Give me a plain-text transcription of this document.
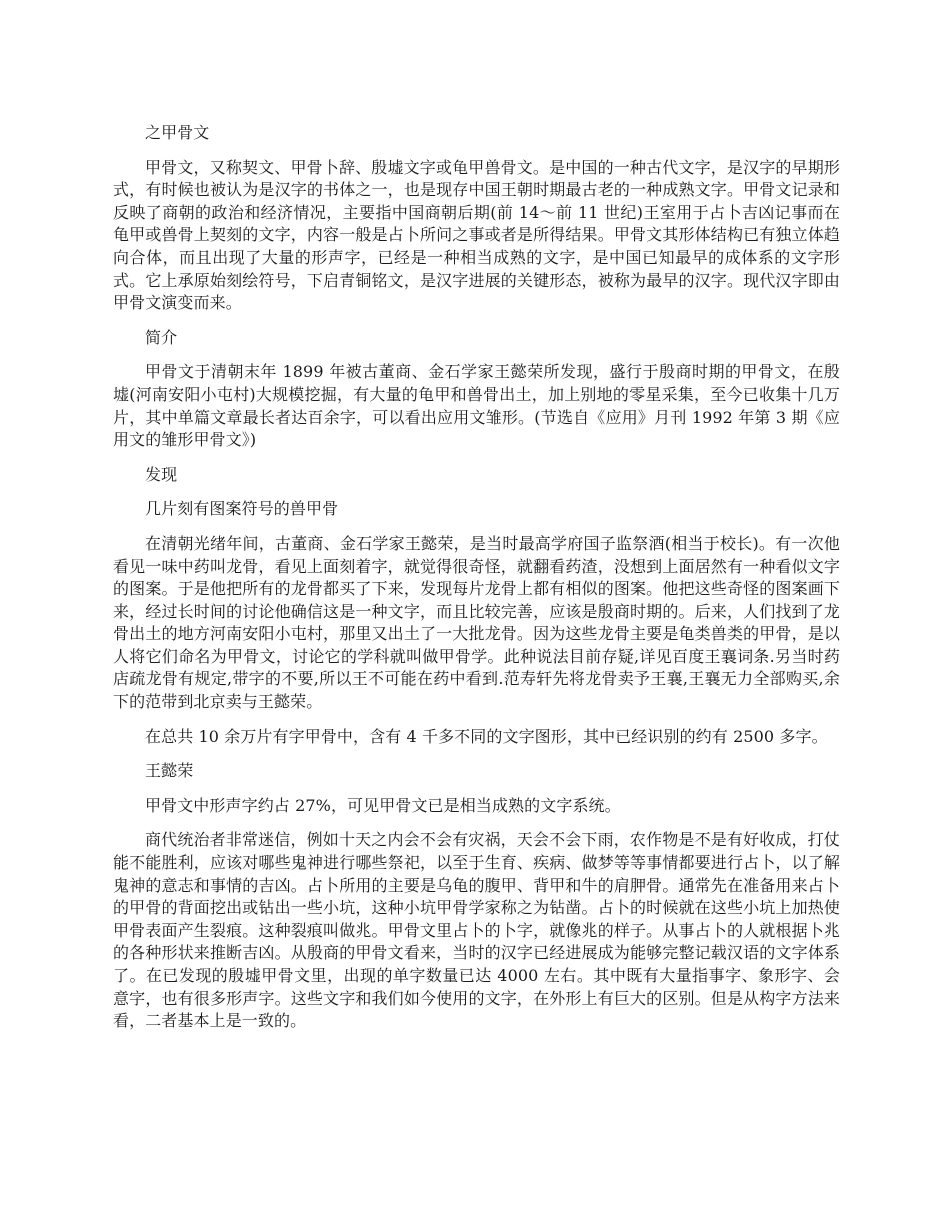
之甲骨文

甲骨文，又称契文、甲骨卜辞、殷墟文字或龟甲兽骨文。是中国的一种古代文字，是汉字的早期形式，有时候也被认为是汉字的书体之一，也是现存中国王朝时期最古老的一种成熟文字。甲骨文记录和反映了商朝的政治和经济情况，主要指中国商朝后期(前 14～前 11 世纪)王室用于占卜吉凶记事而在龟甲或兽骨上契刻的文字，内容一般是占卜所问之事或者是所得结果。甲骨文其形体结构已有独立体趋向合体，而且出现了大量的形声字，已经是一种相当成熟的文字，是中国已知最早的成体系的文字形式。它上承原始刻绘符号，下启青铜铭文，是汉字进展的关键形态，被称为最早的汉字。现代汉字即由甲骨文演变而来。

简介

甲骨文于清朝末年 1899 年被古董商、金石学家王懿荣所发现，盛行于殷商时期的甲骨文，在殷墟(河南安阳小屯村)大规模挖掘，有大量的龟甲和兽骨出土，加上别地的零星采集，至今已收集十几万片，其中单篇文章最长者达百余字，可以看出应用文雏形。(节选自《应用》月刊 1992 年第 3 期《应用文的雏形甲骨文》)

发现

几片刻有图案符号的兽甲骨

在清朝光绪年间，古董商、金石学家王懿荣，是当时最高学府国子监祭酒(相当于校长)。有一次他看见一味中药叫龙骨，看见上面刻着字，就觉得很奇怪，就翻看药渣，没想到上面居然有一种看似文字的图案。于是他把所有的龙骨都买了下来，发现每片龙骨上都有相似的图案。他把这些奇怪的图案画下来，经过长时间的讨论他确信这是一种文字，而且比较完善，应该是殷商时期的。后来，人们找到了龙骨出土的地方河南安阳小屯村，那里又出土了一大批龙骨。因为这些龙骨主要是龟类兽类的甲骨，是以人将它们命名为甲骨文，讨论它的学科就叫做甲骨学。此种说法目前存疑,详见百度王襄词条.另当时药店疏龙骨有规定,带字的不要,所以王不可能在药中看到.范寿轩先将龙骨卖予王襄,王襄无力全部购买,余下的范带到北京卖与王懿荣。

在总共 10 余万片有字甲骨中，含有 4 千多不同的文字图形，其中已经识别的约有 2500 多字。

王懿荣

甲骨文中形声字约占 27%，可见甲骨文已是相当成熟的文字系统。

商代统治者非常迷信，例如十天之内会不会有灾祸，天会不会下雨，农作物是不是有好收成，打仗能不能胜利，应该对哪些鬼神进行哪些祭祀，以至于生育、疾病、做梦等等事情都要进行占卜，以了解鬼神的意志和事情的吉凶。占卜所用的主要是乌龟的腹甲、背甲和牛的肩胛骨。通常先在准备用来占卜的甲骨的背面挖出或钻出一些小坑，这种小坑甲骨学家称之为钻凿。占卜的时候就在这些小坑上加热使甲骨表面产生裂痕。这种裂痕叫做兆。甲骨文里占卜的卜字，就像兆的样子。从事占卜的人就根据卜兆的各种形状来推断吉凶。从殷商的甲骨文看来，当时的汉字已经进展成为能够完整记载汉语的文字体系了。在已发现的殷墟甲骨文里，出现的单字数量已达 4000 左右。其中既有大量指事字、象形字、会意字，也有很多形声字。这些文字和我们如今使用的文字，在外形上有巨大的区别。但是从构字方法来看，二者基本上是一致的。
